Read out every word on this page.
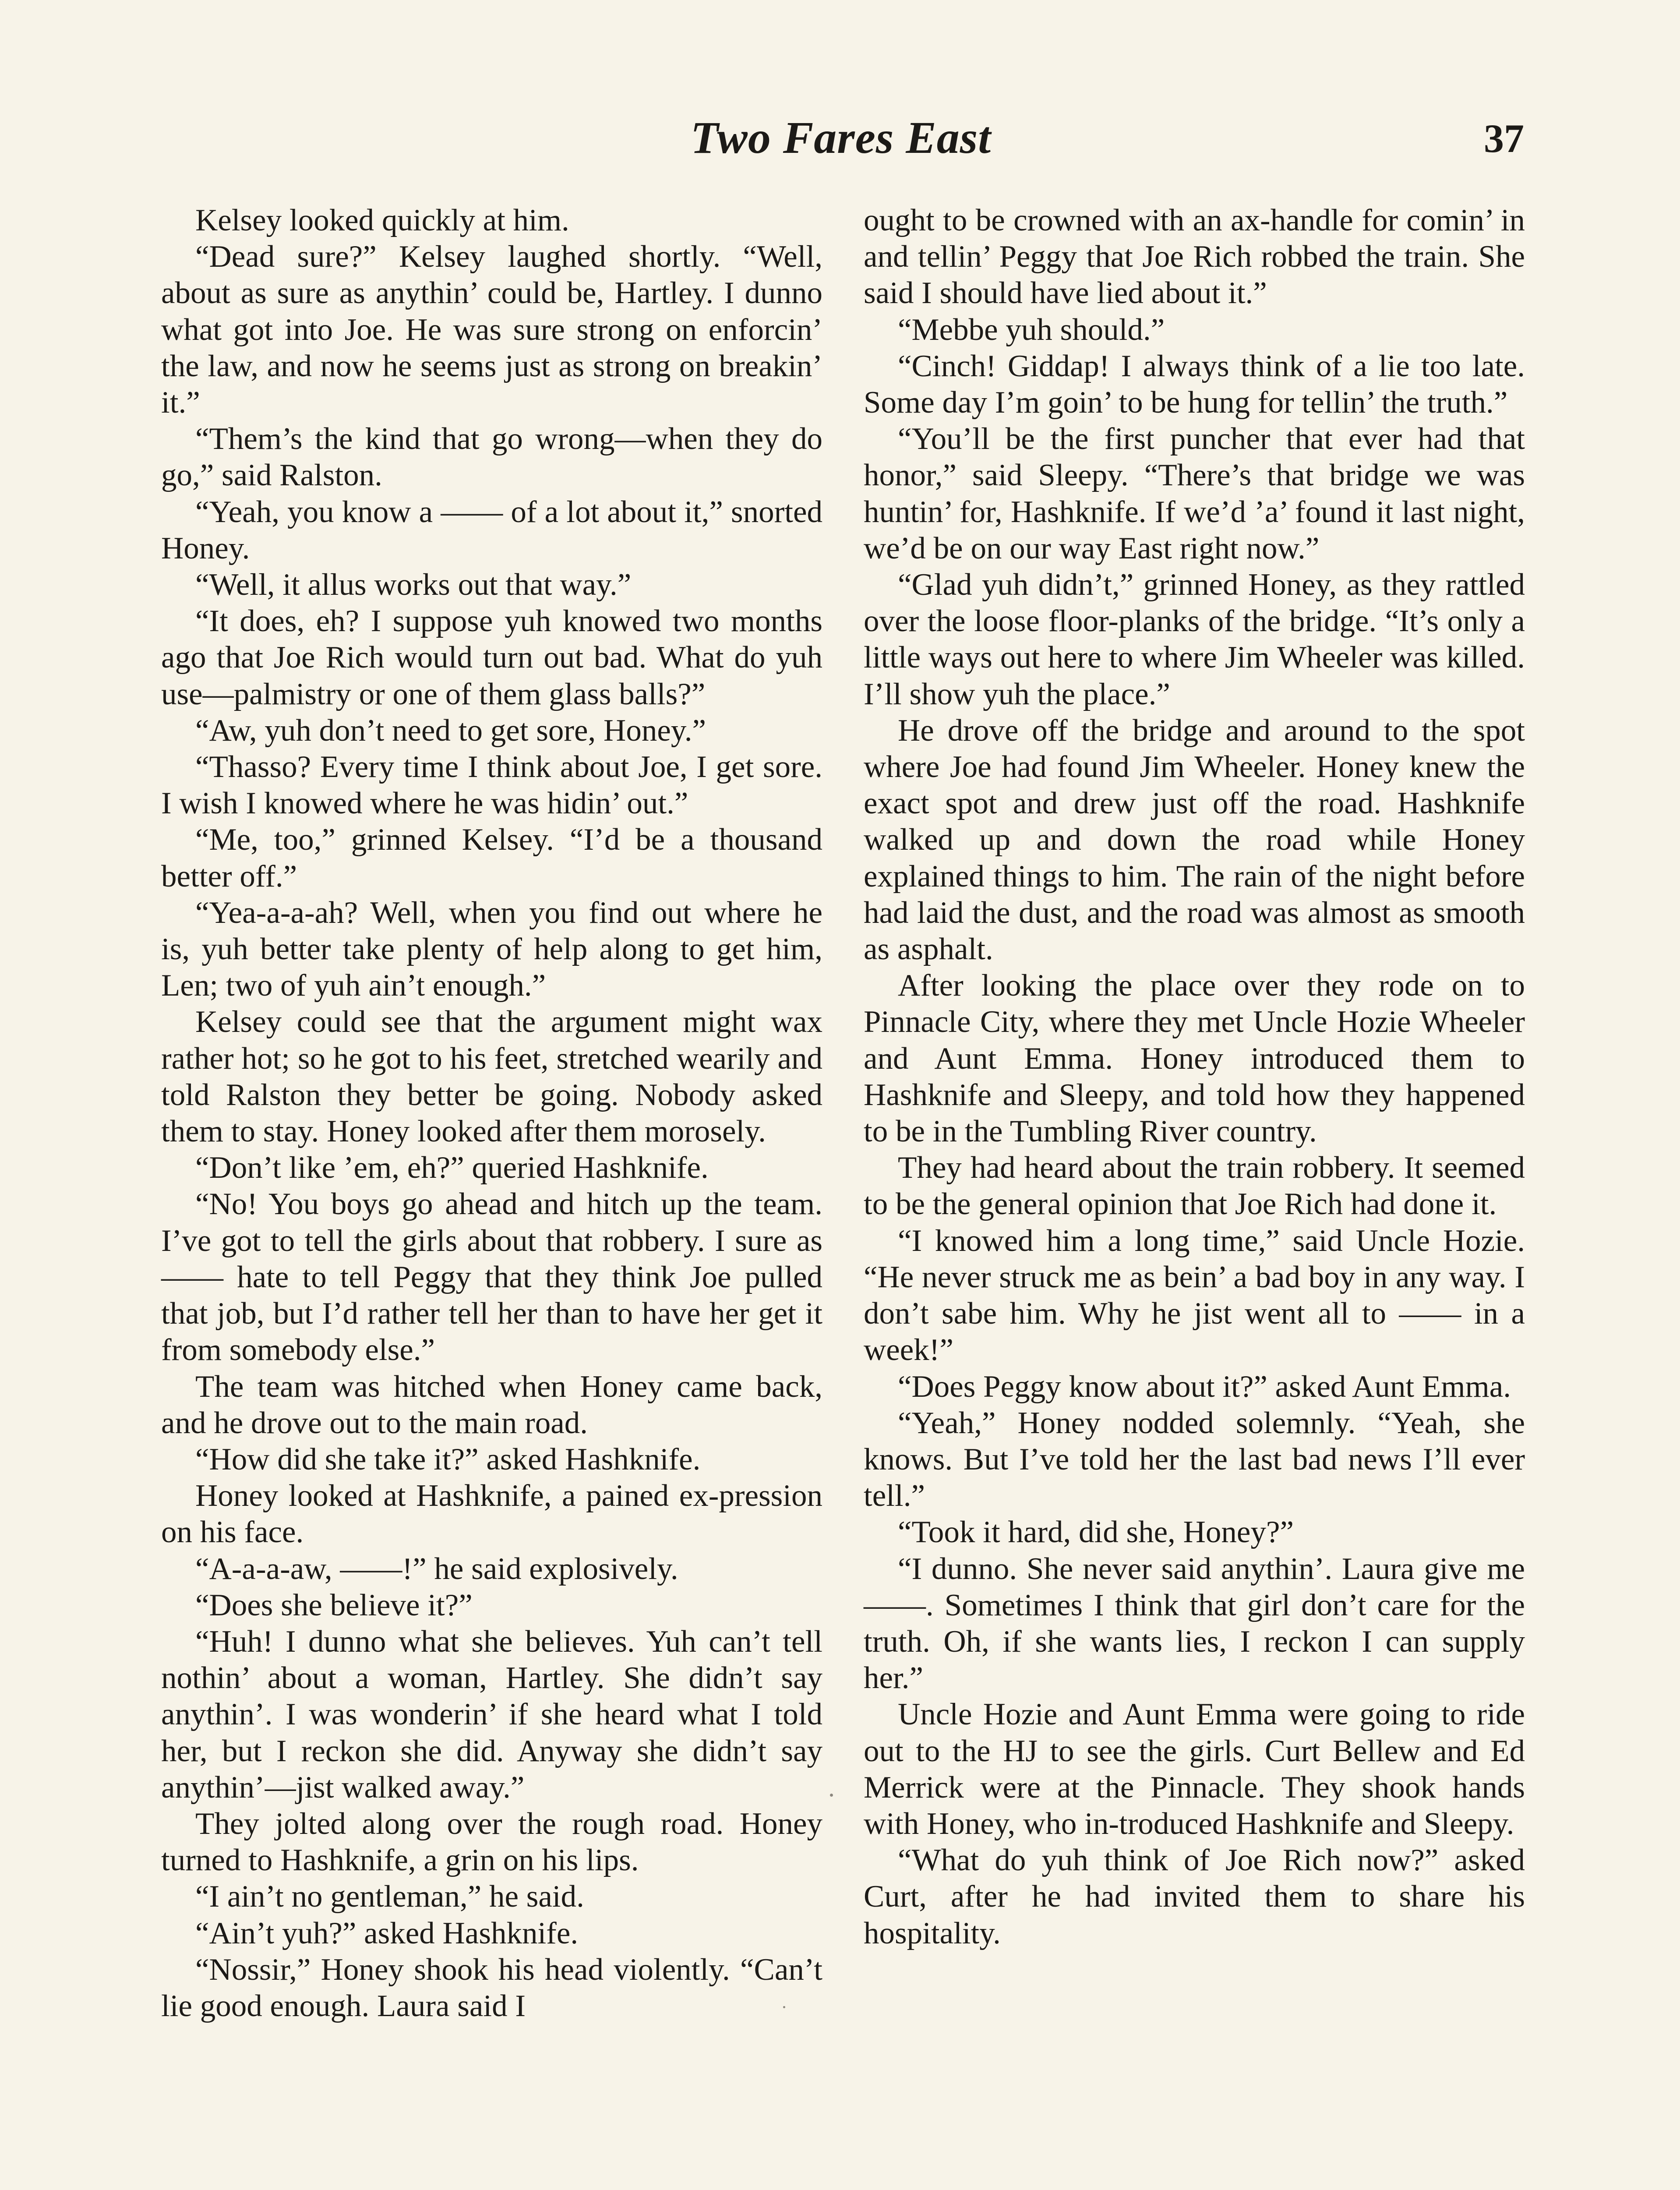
Two Fares East	37

Kelsey looked quickly at him.

“Dead sure?” Kelsey laughed shortly. “Well, about as sure as anythin’ could be, Hartley. I dunno what got into Joe. He was sure strong on enforcin’ the law, and now he seems just as strong on breakin’ it.”

“Them’s the kind that go wrong—when they do go,” said Ralston.

“Yeah, you know a —— of a lot about it,” snorted Honey.

“Well, it allus works out that way.”

“It does, eh? I suppose yuh knowed two months ago that Joe Rich would turn out bad. What do yuh use—palmistry or one of them glass balls?”

“Aw, yuh don’t need to get sore, Honey.”

“Thasso? Every time I think about Joe, I get sore. I wish I knowed where he was hidin’ out.”

“Me, too,” grinned Kelsey. “I’d be a thousand better off.”

“Yea-a-a-ah? Well, when you find out where he is, yuh better take plenty of help along to get him, Len; two of yuh ain’t enough.”

Kelsey could see that the argument might wax rather hot; so he got to his feet, stretched wearily and told Ralston they better be going. Nobody asked them to stay. Honey looked after them morosely.

“Don’t like ’em, eh?” queried Hashknife.

“No! You boys go ahead and hitch up the team. I’ve got to tell the girls about that robbery. I sure as —— hate to tell Peggy that they think Joe pulled that job, but I’d rather tell her than to have her get it from somebody else.”

The team was hitched when Honey came back, and he drove out to the main road.

“How did she take it?” asked Hashknife.

Honey looked at Hashknife, a pained ex-pression on his face.

“A-a-a-aw, ——!” he said explosively.

“Does she believe it?”

“Huh! I dunno what she believes. Yuh can’t tell nothin’ about a woman, Hartley. She didn’t say anythin’. I was wonderin’ if she heard what I told her, but I reckon she did. Anyway she didn’t say anythin’—jist walked away.”

They jolted along over the rough road. Honey turned to Hashknife, a grin on his lips.

“I ain’t no gentleman,” he said.

“Ain’t yuh?” asked Hashknife.

“Nossir,” Honey shook his head violently. “Can’t lie good enough. Laura said I

ought to be crowned with an ax-handle for comin’ in and tellin’ Peggy that Joe Rich robbed the train. She said I should have lied about it.”

“Mebbe yuh should.”

“Cinch! Giddap! I always think of a lie too late. Some day I’m goin’ to be hung for tellin’ the truth.”

“You’ll be the first puncher that ever had that honor,” said Sleepy. “There’s that bridge we was huntin’ for, Hashknife. If we’d ’a’ found it last night, we’d be on our way East right now.”

“Glad yuh didn’t,” grinned Honey, as they rattled over the loose floor-planks of the bridge. “It’s only a little ways out here to where Jim Wheeler was killed. I’ll show yuh the place.”

He drove off the bridge and around to the spot where Joe had found Jim Wheeler. Honey knew the exact spot and drew just off the road. Hashknife walked up and down the road while Honey explained things to him. The rain of the night before had laid the dust, and the road was almost as smooth as asphalt.

After looking the place over they rode on to Pinnacle City, where they met Uncle Hozie Wheeler and Aunt Emma. Honey introduced them to Hashknife and Sleepy, and told how they happened to be in the Tumbling River country.

They had heard about the train robbery. It seemed to be the general opinion that Joe Rich had done it.

“I knowed him a long time,” said Uncle Hozie. “He never struck me as bein’ a bad boy in any way. I don’t sabe him. Why he jist went all to —— in a week!”

“Does Peggy know about it?” asked Aunt Emma.

“Yeah,” Honey nodded solemnly. “Yeah, she knows. But I’ve told her the last bad news I’ll ever tell.”

“Took it hard, did she, Honey?”

“I dunno. She never said anythin’. Laura give me ——. Sometimes I think that girl don’t care for the truth. Oh, if she wants lies, I reckon I can supply her.”

Uncle Hozie and Aunt Emma were going to ride out to the HJ to see the girls. Curt Bellew and Ed Merrick were at the Pinnacle. They shook hands with Honey, who in-troduced Hashknife and Sleepy.

“What do yuh think of Joe Rich now?” asked Curt, after he had invited them to share his hospitality.
